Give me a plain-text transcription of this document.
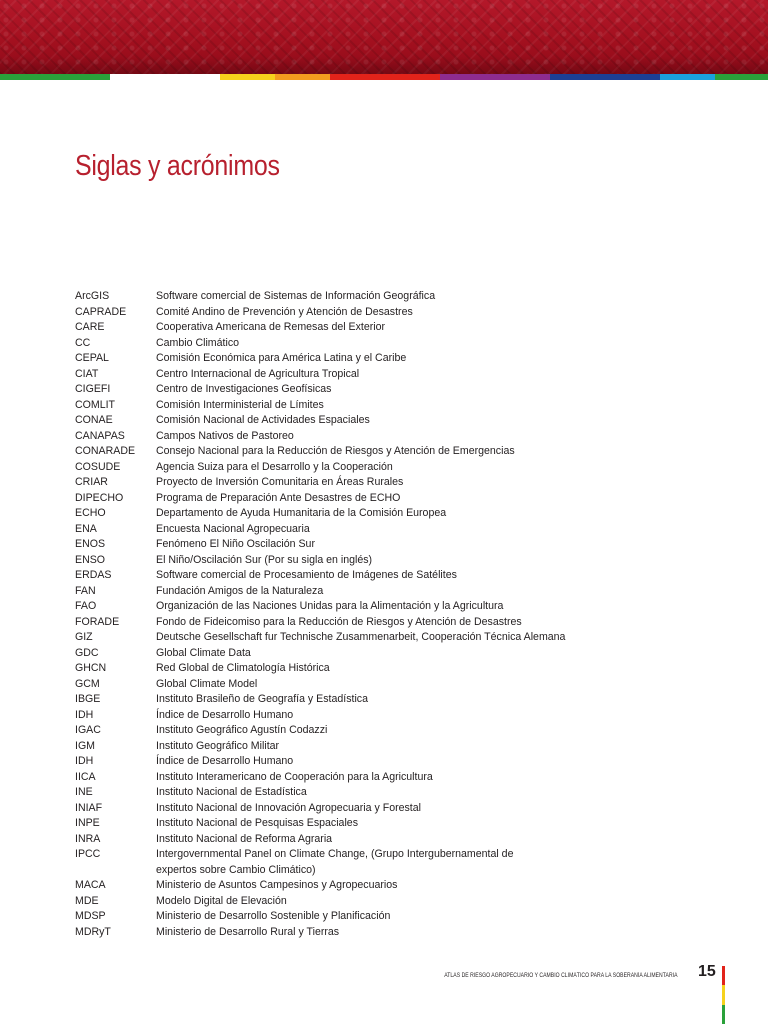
Siglas y acrónimos
ArcGIS	Software comercial de Sistemas de Información Geográfica
CAPRADE	Comité Andino de Prevención y Atención de Desastres
CARE	Cooperativa Americana de Remesas del Exterior
CC	Cambio Climático
CEPAL	Comisión Económica para América Latina y el Caribe
CIAT	Centro Internacional de Agricultura Tropical
CIGEFI	Centro de Investigaciones Geofísicas
COMLIT	Comisión Interministerial de Límites
CONAE	Comisión Nacional de Actividades Espaciales
CANAPAS	Campos Nativos de Pastoreo
CONARADE	Consejo Nacional para la Reducción de Riesgos y Atención de Emergencias
COSUDE	Agencia Suiza para el Desarrollo y la Cooperación
CRIAR	Proyecto de Inversión Comunitaria en Áreas Rurales
DIPECHO	Programa de Preparación Ante Desastres de ECHO
ECHO	Departamento de Ayuda Humanitaria de la Comisión Europea
ENA	Encuesta Nacional Agropecuaria
ENOS	Fenómeno El Niño Oscilación Sur
ENSO	El Niño/Oscilación Sur (Por su sigla en inglés)
ERDAS	Software comercial de Procesamiento de Imágenes de Satélites
FAN	Fundación Amigos de la Naturaleza
FAO	Organización de las Naciones Unidas para la Alimentación y la Agricultura
FORADE	Fondo de Fideicomiso para la Reducción de Riesgos y Atención de Desastres
GIZ	Deutsche Gesellschaft fur Technische Zusammenarbeit, Cooperación Técnica Alemana
GDC	Global Climate Data
GHCN	Red Global de Climatología Histórica
GCM	Global Climate Model
IBGE	Instituto Brasileño de Geografía y Estadística
IDH	Índice de Desarrollo Humano
IGAC	Instituto Geográfico Agustín Codazzi
IGM	Instituto Geográfico Militar
IDH	Índice de Desarrollo Humano
IICA	Instituto Interamericano de Cooperación para la Agricultura
INE	Instituto Nacional de Estadística
INIAF	Instituto Nacional de Innovación Agropecuaria y Forestal
INPE	Instituto Nacional de Pesquisas Espaciales
INRA	Instituto Nacional de Reforma Agraria
IPCC	Intergovernmental Panel on Climate Change, (Grupo Intergubernamental de expertos sobre Cambio Climático)
MACA	Ministerio de Asuntos Campesinos y Agropecuarios
MDE	Modelo Digital de Elevación
MDSP	Ministerio de Desarrollo Sostenible y Planificación
MDRyT	Ministerio de Desarrollo Rural y Tierras
ATLAS DE RIESGO AGROPECUARIO Y CAMBIO CLIMÁTICO PARA LA SOBERANÍA ALIMENTARIA 15
